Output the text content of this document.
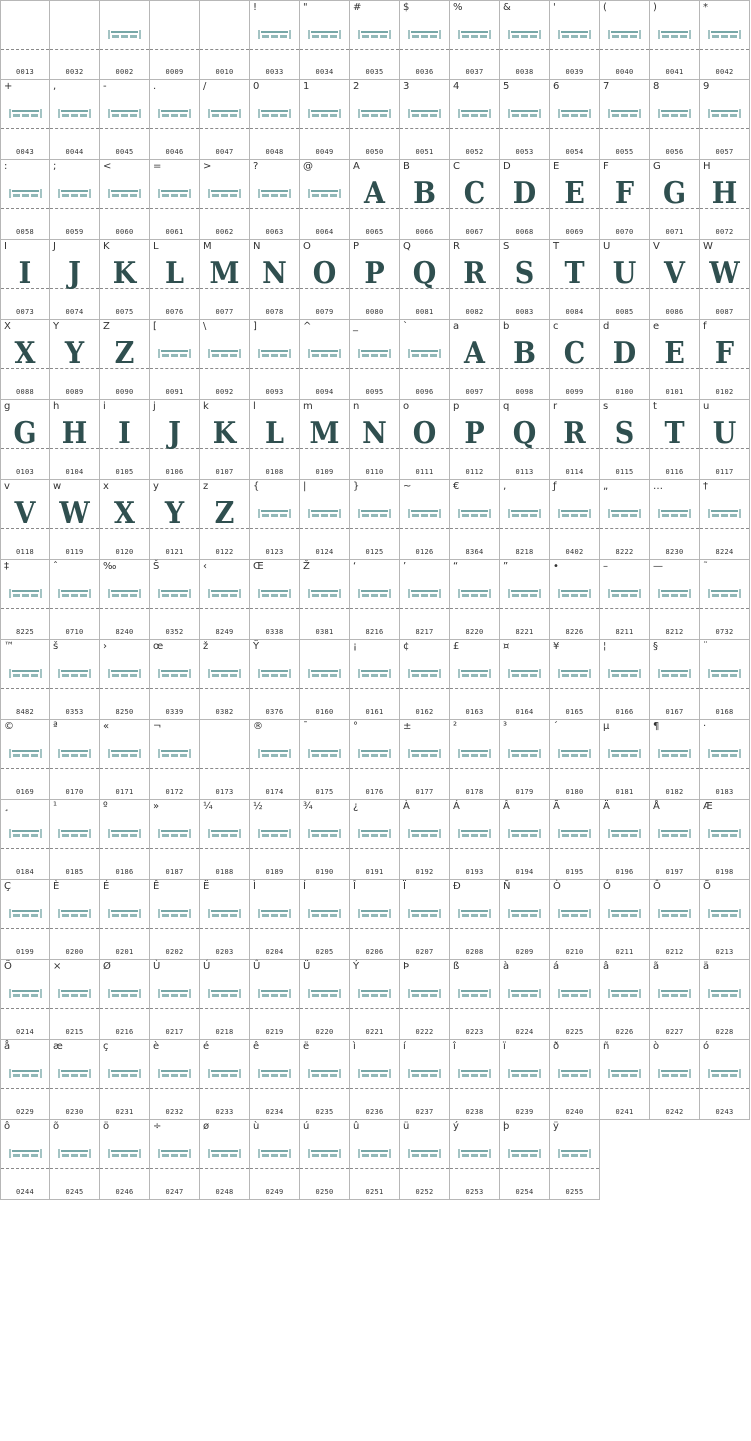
0013	0032	0002	0009	0010
!
0033
"
0034
#
0035
$
0036
%
0037
&
0038
'
0039
(
0040
)
0041
*
0042
+
0043
,
0044
-
0045
.
0046
/
0047
0
0048
1
0049
2
0050
3
0051
4
0052
5
0053
6
0054
7
0055
8
0056
9
0057
:
0058
;
0059
<
0060
=
0061
>
0062
?
0063
@
0064
A
A
0065
B
B
0066
C
C
0067
D
D
0068
E
E
0069
F
F
0070
G
G
0071
H
H
0072
I
I
0073
J
J
0074
K
K
0075
L
L
0076
M
M
0077
N
N
0078
O
O
0079
P
P
0080
Q
Q
0081
R
R
0082
S
S
0083
T
T
0084
U
U
0085
V
V
0086
W
W
0087
X
X
0088
Y
Y
0089
Z
Z
0090
[
0091
\
0092
]
0093
^
0094
_
0095
`
0096
a
A
0097
b
B
0098
c
C
0099
d
D
0100
e
E
0101
f
F
0102
g
G
0103
h
H
0104
i
I
0105
j
J
0106
k
K
0107
l
L
0108
m
M
0109
n
N
0110
o
O
0111
p
P
0112
q
Q
0113
r
R
0114
s
S
0115
t
T
0116
u
U
0117
v
V
0118
w
W
0119
x
X
0120
y
Y
0121
z
Z
0122
{
0123
|
0124
}
0125
~
0126
€
8364
‚
8218
ƒ
0402
„
8222
…
8230
†
8224
‡
8225
ˆ
0710
‰
8240
Š
0352
‹
8249
Œ
0338
Ž
0381
‘
8216
’
8217
“
8220
”
8221
•
8226
–
8211
—
8212
˜
0732
™
8482
š
0353
›
8250
œ
0339
ž
0382
Ÿ
0376	0160
¡
0161
¢
0162
£
0163
¤
0164
¥
0165
¦
0166
§
0167
¨
0168
©
0169
ª
0170
«
0171
¬
0172	0173
®
0174
¯
0175
°
0176
±
0177
²
0178
³
0179
´
0180
µ
0181
¶
0182
·
0183
¸
0184
¹
0185
º
0186
»
0187
¼
0188
½
0189
¾
0190
¿
0191
À
0192
Á
0193
Â
0194
Ã
0195
Ä
0196
Å
0197
Æ
0198
Ç
0199
È
0200
É
0201
Ê
0202
Ë
0203
Ì
0204
Í
0205
Î
0206
Ï
0207
Ð
0208
Ñ
0209
Ò
0210
Ó
0211
Ô
0212
Õ
0213
Ö
0214
×
0215
Ø
0216
Ù
0217
Ú
0218
Û
0219
Ü
0220
Ý
0221
Þ
0222
ß
0223
à
0224
á
0225
â
0226
ã
0227
ä
0228
å
0229
æ
0230
ç
0231
è
0232
é
0233
ê
0234
ë
0235
ì
0236
í
0237
î
0238
ï
0239
ð
0240
ñ
0241
ò
0242
ó
0243
ô
0244
õ
0245
ö
0246
÷
0247
ø
0248
ù
0249
ú
0250
û
0251
ü
0252
ý
0253
þ
0254
ÿ
0255
